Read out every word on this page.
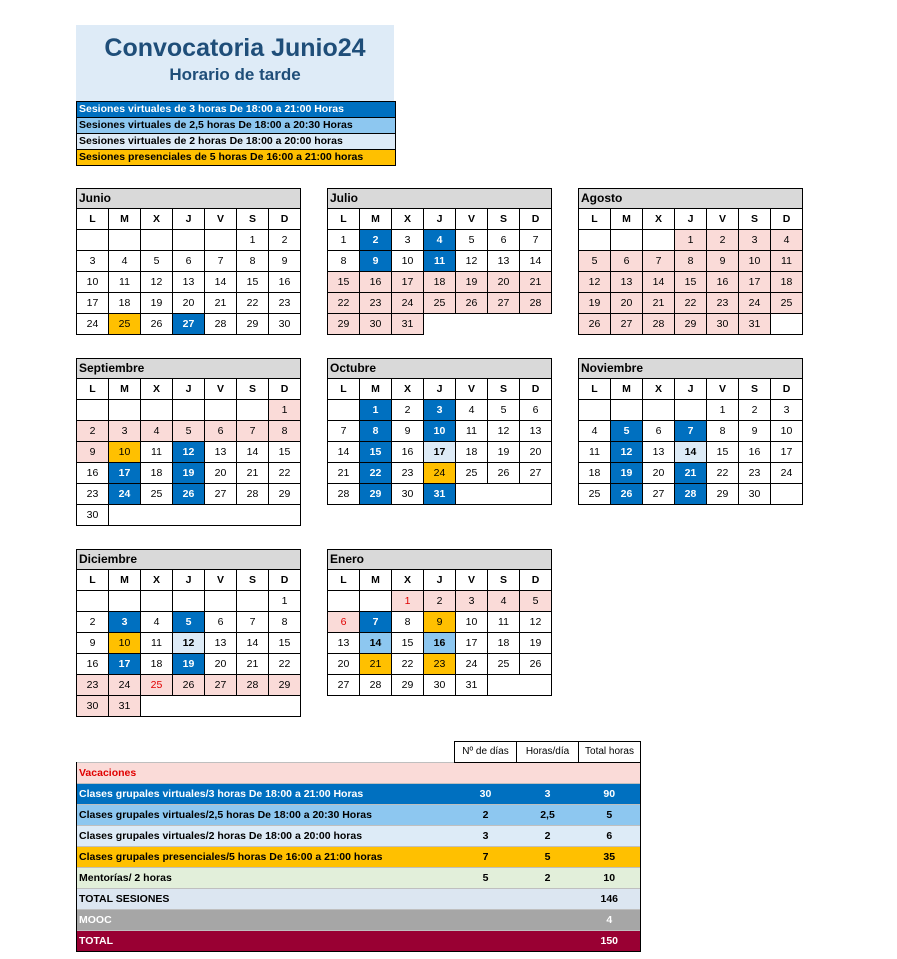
Convocatoria Junio24
Horario de tarde
Sesiones virtuales de 3 horas De 18:00 a 21:00 Horas
Sesiones virtuales de 2,5 horas De 18:00 a 20:30 Horas
Sesiones virtuales de 2 horas De 18:00 a 20:00 horas
Sesiones presenciales de 5 horas De 16:00 a 21:00 horas
Junio						
L	M	X	J	V	S	D
					1	2
3	4	5	6	7	8	9
10	11	12	13	14	15	16
17	18	19	20	21	22	23
24	25	26	27	28	29	30
Julio						
L	M	X	J	V	S	D
1	2	3	4	5	6	7
8	9	10	11	12	13	14
15	16	17	18	19	20	21
22	23	24	25	26	27	28
29	30	31				
Agosto						
L	M	X	J	V	S	D
			1	2	3	4
5	6	7	8	9	10	11
12	13	14	15	16	17	18
19	20	21	22	23	24	25
26	27	28	29	30	31	
Septiembre						
L	M	X	J	V	S	D
						1
2	3	4	5	6	7	8
9	10	11	12	13	14	15
16	17	18	19	20	21	22
23	24	25	26	27	28	29
30						
Octubre						
L	M	X	J	V	S	D
	1	2	3	4	5	6
7	8	9	10	11	12	13
14	15	16	17	18	19	20
21	22	23	24	25	26	27
28	29	30	31			
Noviembre						
L	M	X	J	V	S	D
				1	2	3
4	5	6	7	8	9	10
11	12	13	14	15	16	17
18	19	20	21	22	23	24
25	26	27	28	29	30	
Diciembre						
L	M	X	J	V	S	D
						1
2	3	4	5	6	7	8
9	10	11	12	13	14	15
16	17	18	19	20	21	22
23	24	25	26	27	28	29
30	31					
Enero						
L	M	X	J	V	S	D
		1	2	3	4	5
6	7	8	9	10	11	12
13	14	15	16	17	18	19
20	21	22	23	24	25	26
27	28	29	30	31		
	Nº de días	Horas/día	Total horas
Vacaciones			
Clases grupales virtuales/3 horas De 18:00 a 21:00 Horas	30	3	90
Clases grupales virtuales/2,5 horas De 18:00 a 20:30 Horas	2	2,5	5
Clases grupales virtuales/2 horas De 18:00 a 20:00 horas	3	2	6
Clases grupales presenciales/5 horas De 16:00 a 21:00 horas	7	5	35
Mentorías/ 2 horas	5	2	10
TOTAL SESIONES			146
MOOC			4
TOTAL			150
